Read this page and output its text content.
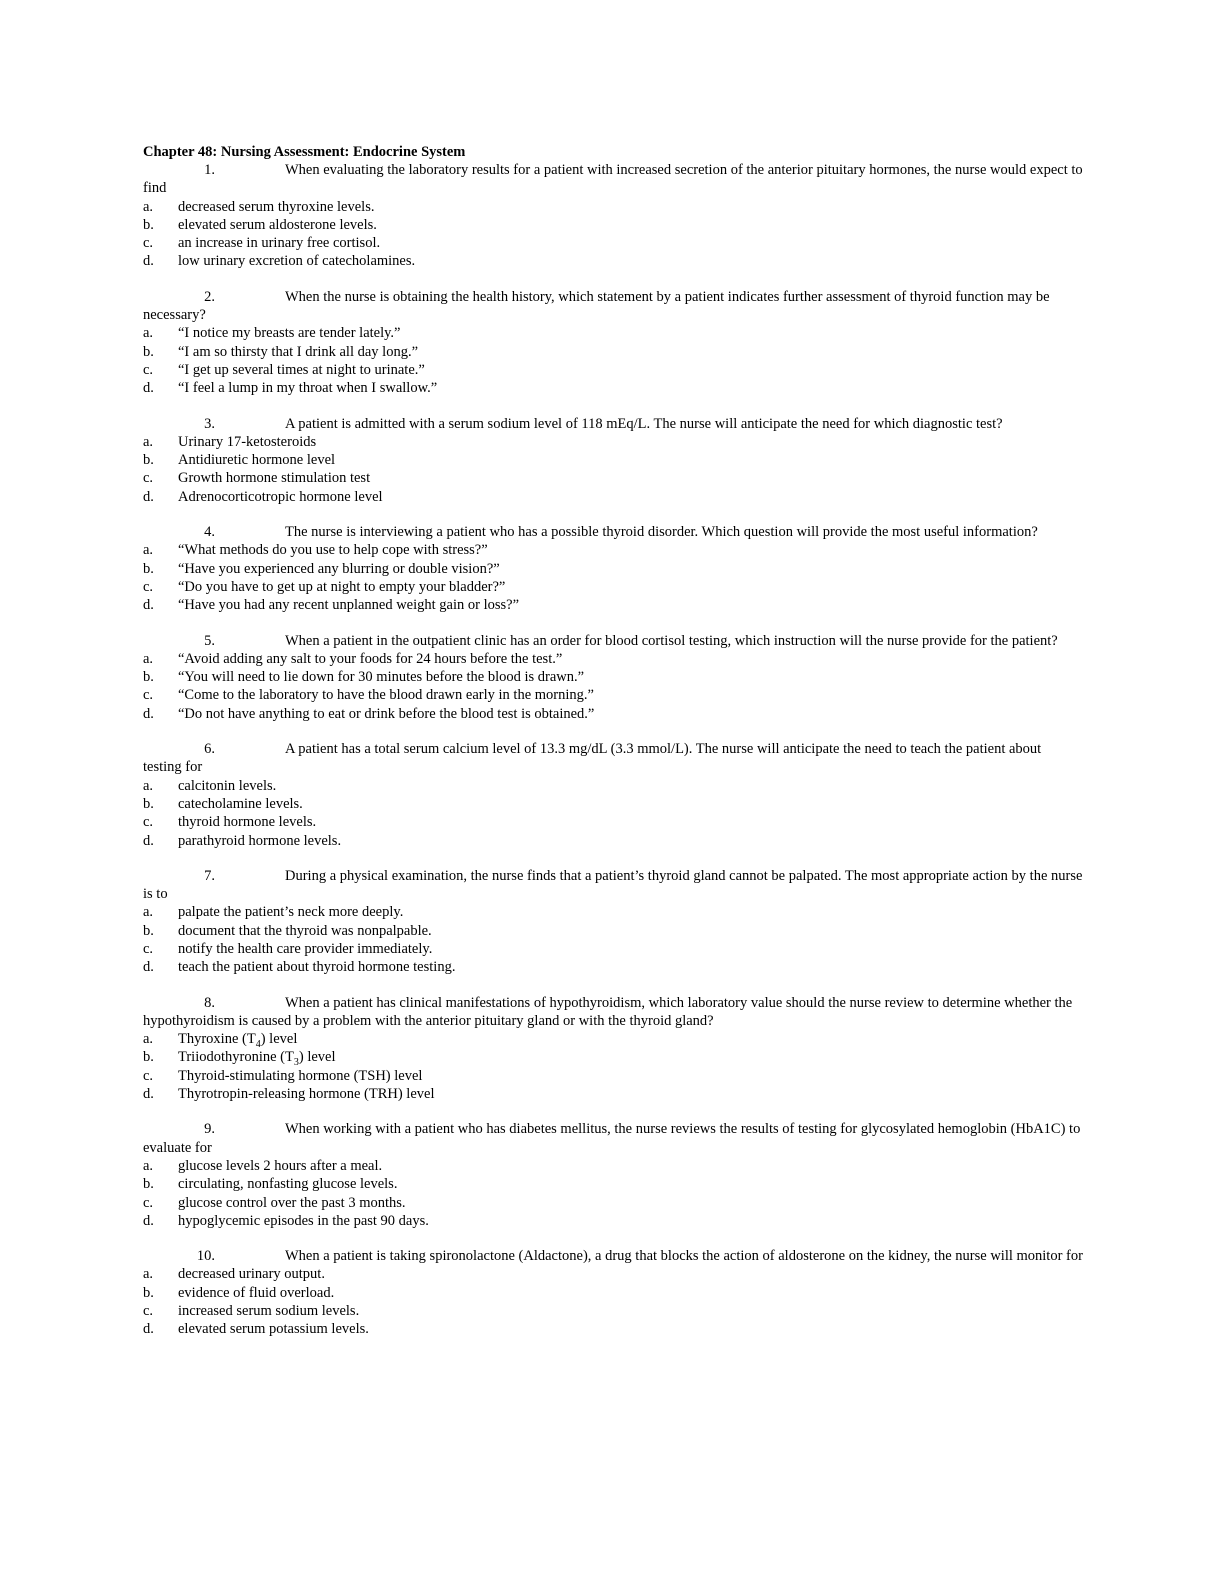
Chapter 48: Nursing Assessment: Endocrine System

1.	When evaluating the laboratory results for a patient with increased secretion of the anterior pituitary hormones, the nurse would expect to find

a.	decreased serum thyroxine levels.
b.	elevated serum aldosterone levels.
c.	an increase in urinary free cortisol.
d.	low urinary excretion of catecholamines.

2.	When the nurse is obtaining the health history, which statement by a patient indicates further assessment of thyroid function may be necessary?

a.	“I notice my breasts are tender lately.”
b.	“I am so thirsty that I drink all day long.”
c.	“I get up several times at night to urinate.”
d.	“I feel a lump in my throat when I swallow.”

3.	A patient is admitted with a serum sodium level of 118 mEq/L. The nurse will anticipate the need for which diagnostic test?

a.	Urinary 17-ketosteroids
b.	Antidiuretic hormone level
c.	Growth hormone stimulation test
d.	Adrenocorticotropic hormone level

4.	The nurse is interviewing a patient who has a possible thyroid disorder. Which question will provide the most useful information?

a.	“What methods do you use to help cope with stress?”
b.	“Have you experienced any blurring or double vision?”
c.	“Do you have to get up at night to empty your bladder?”
d.	“Have you had any recent unplanned weight gain or loss?”

5.	When a patient in the outpatient clinic has an order for blood cortisol testing, which instruction will the nurse provide for the patient?

a.	“Avoid adding any salt to your foods for 24 hours before the test.”
b.	“You will need to lie down for 30 minutes before the blood is drawn.”
c.	“Come to the laboratory to have the blood drawn early in the morning.”
d.	“Do not have anything to eat or drink before the blood test is obtained.”

6.	A patient has a total serum calcium level of 13.3 mg/dL (3.3 mmol/L). The nurse will anticipate the need to teach the patient about testing for

a.	calcitonin levels.
b.	catecholamine levels.
c.	thyroid hormone levels.
d.	parathyroid hormone levels.

7.	During a physical examination, the nurse finds that a patient’s thyroid gland cannot be palpated. The most appropriate action by the nurse is to

a.	palpate the patient’s neck more deeply.
b.	document that the thyroid was nonpalpable.
c.	notify the health care provider immediately.
d.	teach the patient about thyroid hormone testing.

8.	When a patient has clinical manifestations of hypothyroidism, which laboratory value should the nurse review to determine whether the hypothyroidism is caused by a problem with the anterior pituitary gland or with the thyroid gland?

a.	Thyroxine $(T_4)$ level
b.	Triiodothyronine $(T_3)$ level
c.	Thyroid-stimulating hormone (TSH) level
d.	Thyrotropin-releasing hormone (TRH) level

9.	When working with a patient who has diabetes mellitus, the nurse reviews the results of testing for glycosylated hemoglobin (HbA1C) to evaluate for

a.	glucose levels 2 hours after a meal.
b.	circulating, nonfasting glucose levels.
c.	glucose control over the past 3 months.
d.	hypoglycemic episodes in the past 90 days.

10.	When a patient is taking spironolactone (Aldactone), a drug that blocks the action of aldosterone on the kidney, the nurse will monitor for

a.	decreased urinary output.
b.	evidence of fluid overload.
c.	increased serum sodium levels.
d.	elevated serum potassium levels.
